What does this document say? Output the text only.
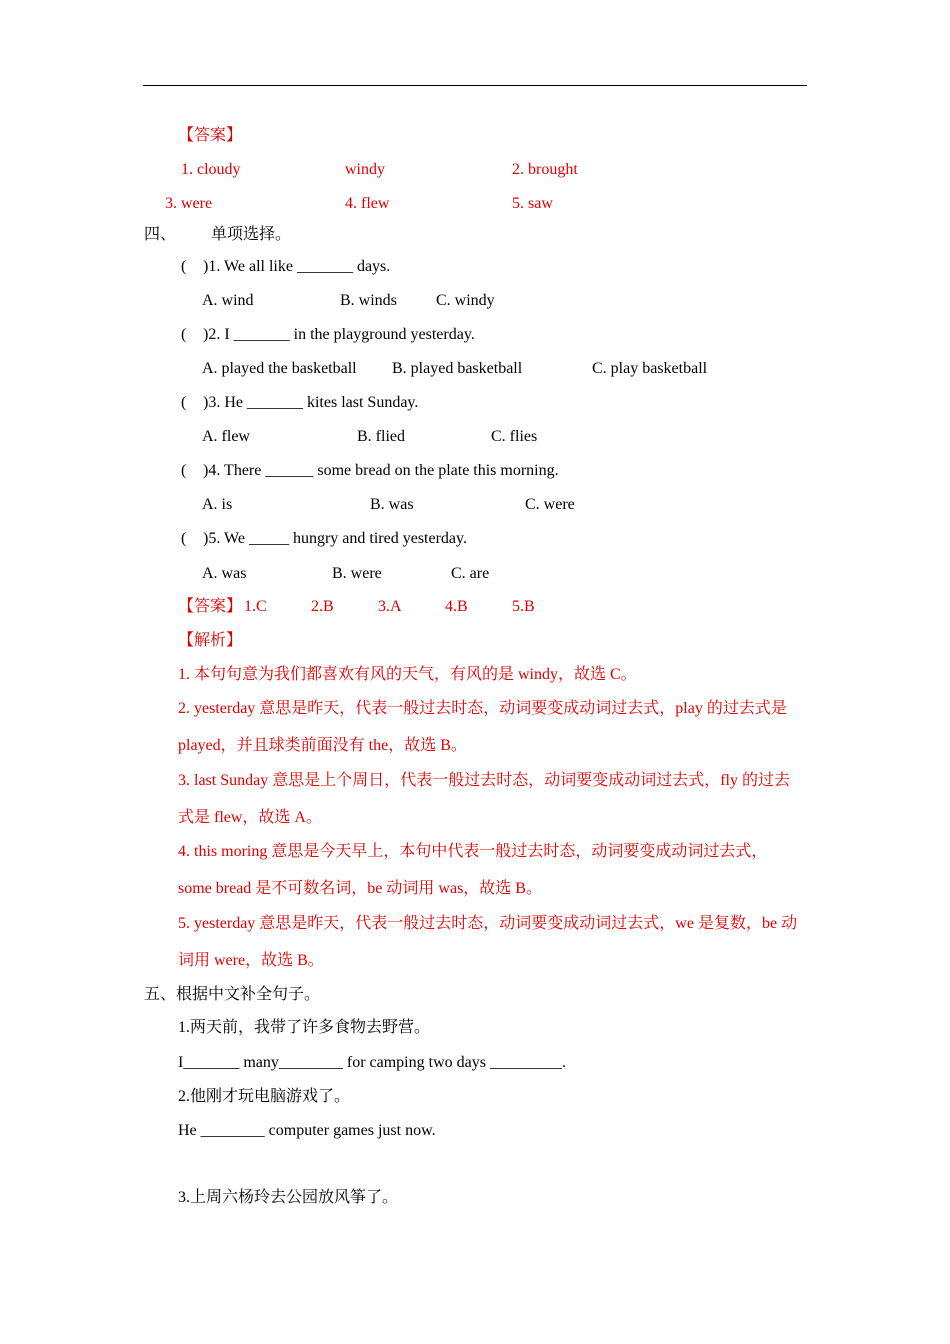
【答案】
1. cloudy	windy	2. brought
3. were	4. flew	5. saw
四、 单项选择。
( )1. We all like _______ days.
A. wind	B. winds C. windy
( )2. I _______ in the playground yesterday.
A. played the basketball B. played basketball	C. play basketball
( )3. He _______ kites last Sunday.
A. flew	B. flied	C. flies
( )4. There ______ some bread on the plate this morning.
A. is	B. was	C. were
( )5. We _____ hungry and tired yesterday.
A. was	B. were	C. are
【答案】 1.C	2.B	3.A	4.B	5.B
【解析】
1. 本句句意为我们都喜欢有风的天气，有风的是 windy，故选 C。
2. yesterday 意思是昨天，代表一般过去时态，动词要变成动词过去式，play 的过去式是
played，并且球类前面没有 the，故选 B。
3. last Sunday 意思是上个周日，代表一般过去时态，动词要变成动词过去式，fly 的过去
式是 flew，故选 A。
4. this moring 意思是今天早上，本句中代表一般过去时态，动词要变成动词过去式，
some bread 是不可数名词，be 动词用 was，故选 B。
5. yesterday 意思是昨天，代表一般过去时态，动词要变成动词过去式，we 是复数，be 动
词用 were，故选 B。
五、根据中文补全句子。
1.两天前，我带了许多食物去野营。
I_______ many________ for camping two days _________.
2.他刚才玩电脑游戏了。
He ________ computer games just now.
3.上周六杨玲去公园放风筝了。
